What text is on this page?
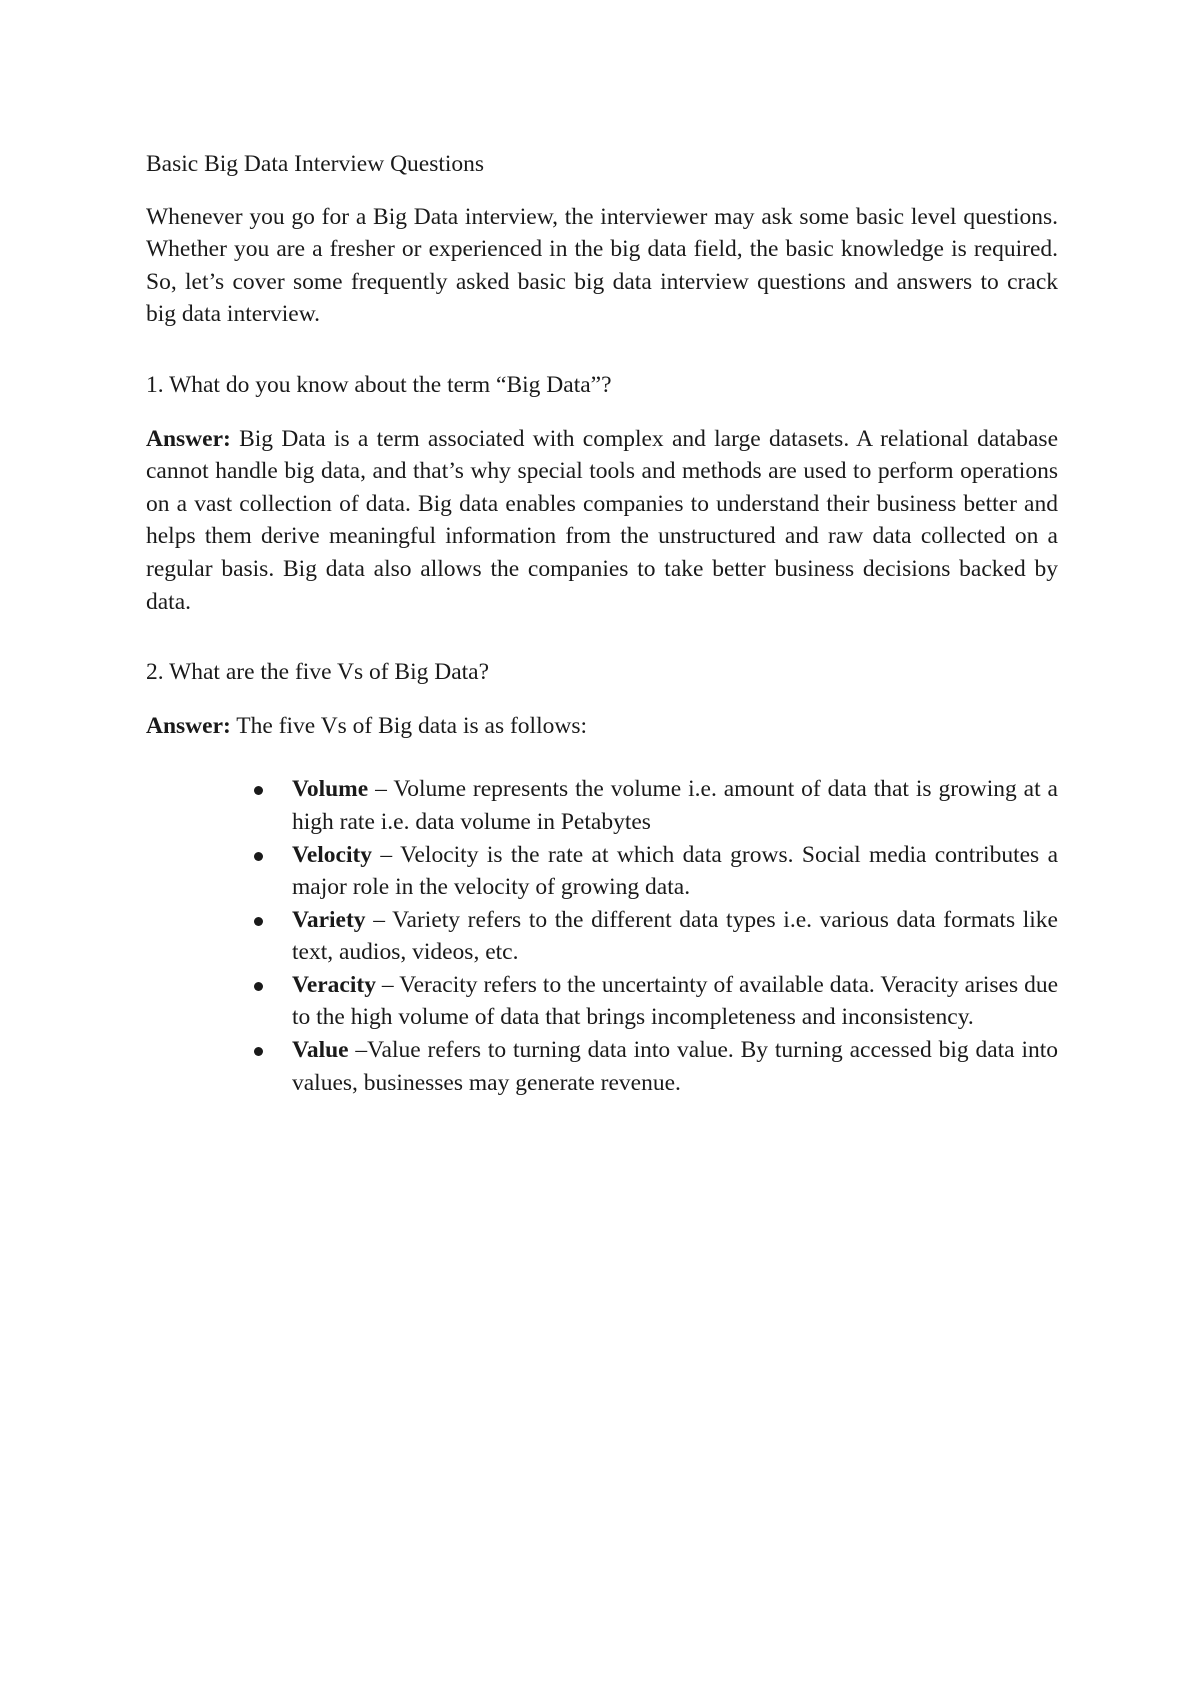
Basic Big Data Interview Questions

Whenever you go for a Big Data interview, the interviewer may ask some basic level questions. Whether you are a fresher or experienced in the big data field, the basic knowledge is required. So, let’s cover some frequently asked basic big data interview questions and answers to crack big data interview.

1. What do you know about the term “Big Data”?

Answer: Big Data is a term associated with complex and large datasets. A relational database cannot handle big data, and that’s why special tools and methods are used to perform operations on a vast collection of data. Big data enables companies to understand their business better and helps them derive meaningful information from the unstructured and raw data collected on a regular basis. Big data also allows the companies to take better business decisions backed by data.

2. What are the five Vs of Big Data?

Answer: The five Vs of Big data is as follows:

Volume – Volume represents the volume i.e. amount of data that is growing at a high rate i.e. data volume in Petabytes
Velocity – Velocity is the rate at which data grows. Social media contributes a major role in the velocity of growing data.
Variety – Variety refers to the different data types i.e. various data formats like text, audios, videos, etc.
Veracity – Veracity refers to the uncertainty of available data. Veracity arises due to the high volume of data that brings incompleteness and inconsistency.
Value –Value refers to turning data into value. By turning accessed big data into values, businesses may generate revenue.
